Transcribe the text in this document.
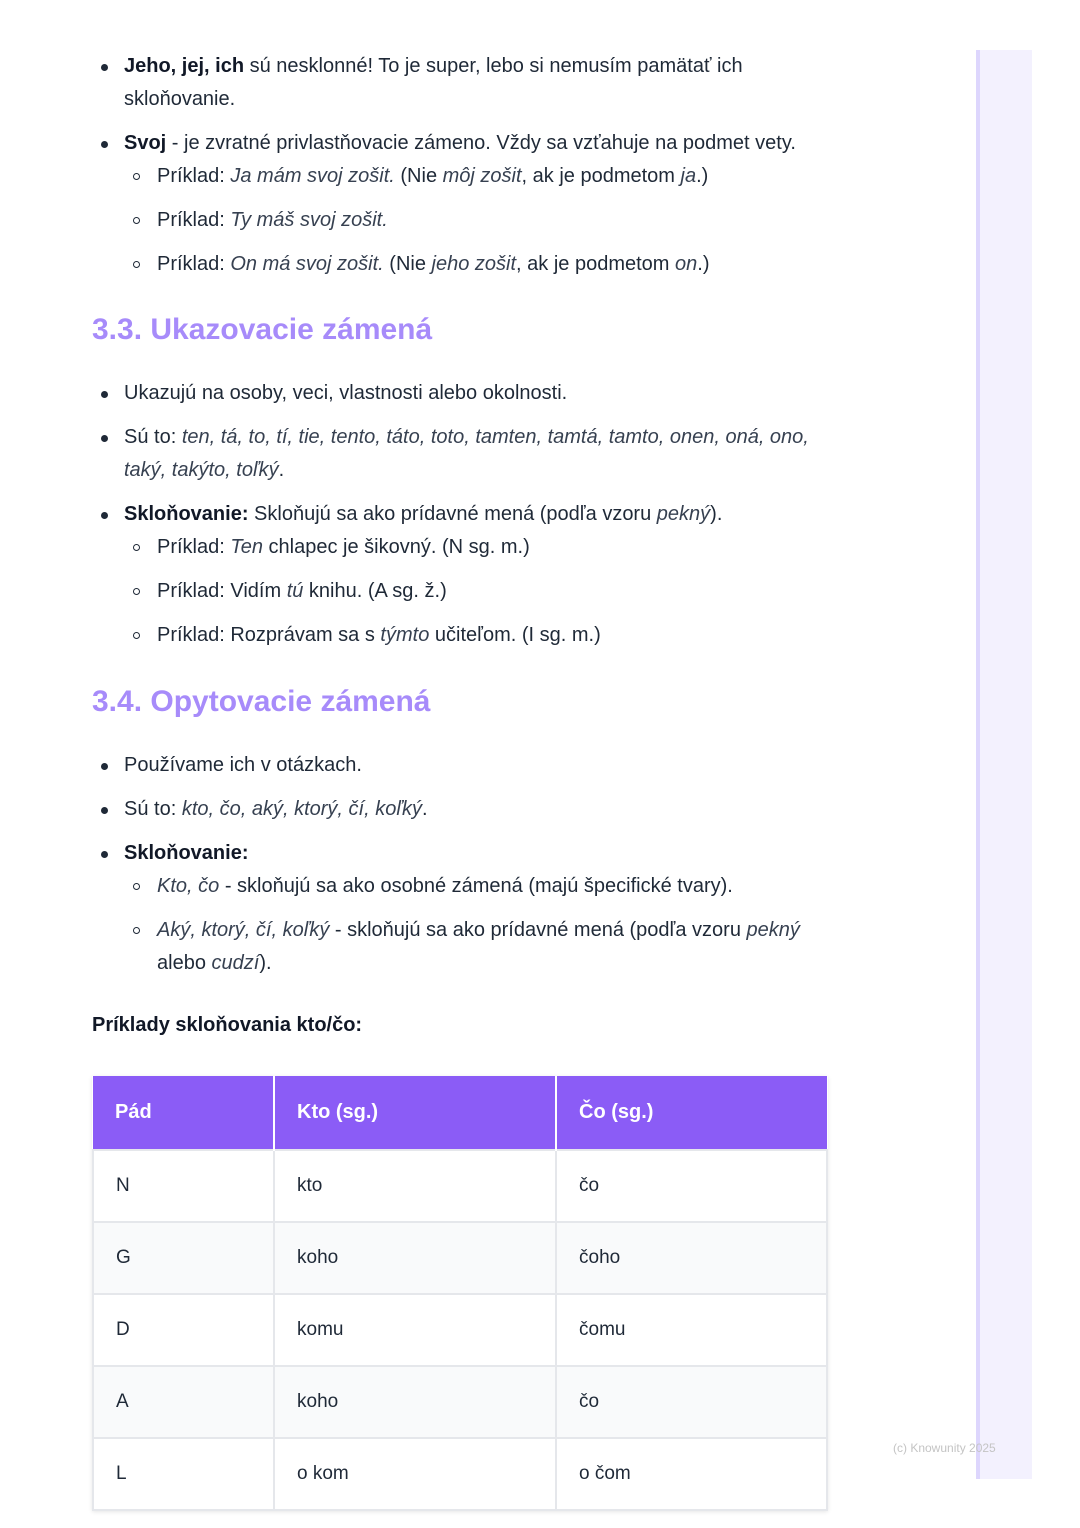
(c) Knowunity 2025
Jeho, jej, ich sú nesklonné! To je super, lebo si nemusím pamätať ich skloňovanie.
Svoj - je zvratné privlastňovacie zámeno. Vždy sa vzťahuje na podmet vety.
Príklad: Ja mám svoj zošit. (Nie môj zošit, ak je podmetom ja.)
Príklad: Ty máš svoj zošit.
Príklad: On má svoj zošit. (Nie jeho zošit, ak je podmetom on.)
3.3. Ukazovacie zámená
Ukazujú na osoby, veci, vlastnosti alebo okolnosti.
Sú to: ten, tá, to, tí, tie, tento, táto, toto, tamten, tamtá, tamto, onen, oná, ono, taký, takýto, toľký.
Skloňovanie: Skloňujú sa ako prídavné mená (podľa vzoru pekný).
Príklad: Ten chlapec je šikovný. (N sg. m.)
Príklad: Vidím tú knihu. (A sg. ž.)
Príklad: Rozprávam sa s týmto učiteľom. (I sg. m.)
3.4. Opytovacie zámená
Používame ich v otázkach.
Sú to: kto, čo, aký, ktorý, čí, koľký.
Skloňovanie:
Kto, čo - skloňujú sa ako osobné zámená (majú špecifické tvary).
Aký, ktorý, čí, koľký - skloňujú sa ako prídavné mená (podľa vzoru pekný alebo cudzí).
Príklady skloňovania kto/čo:
Pád	Kto (sg.)	Čo (sg.)
N	kto	čo
G	koho	čoho
D	komu	čomu
A	koho	čo
L	o kom	o čom
